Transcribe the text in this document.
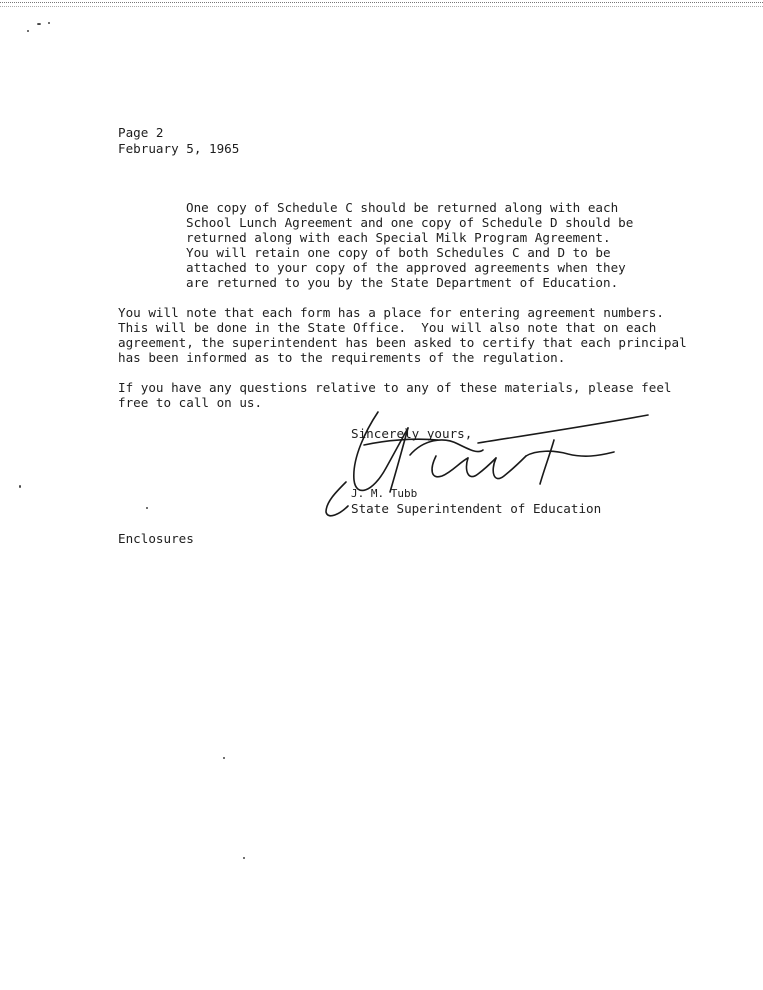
Page 2
February 5, 1965
One copy of Schedule C should be returned along with each
School Lunch Agreement and one copy of Schedule D should be
returned along with each Special Milk Program Agreement.
You will retain one copy of both Schedules C and D to be
attached to your copy of the approved agreements when they
are returned to you by the State Department of Education.
You will note that each form has a place for entering agreement numbers.
This will be done in the State Office.  You will also note that on each
agreement, the superintendent has been asked to certify that each principal
has been informed as to the requirements of the regulation.
If you have any questions relative to any of these materials, please feel
free to call on us.
Sincerely yours,
J. M. Tubb
State Superintendent of Education
Enclosures
